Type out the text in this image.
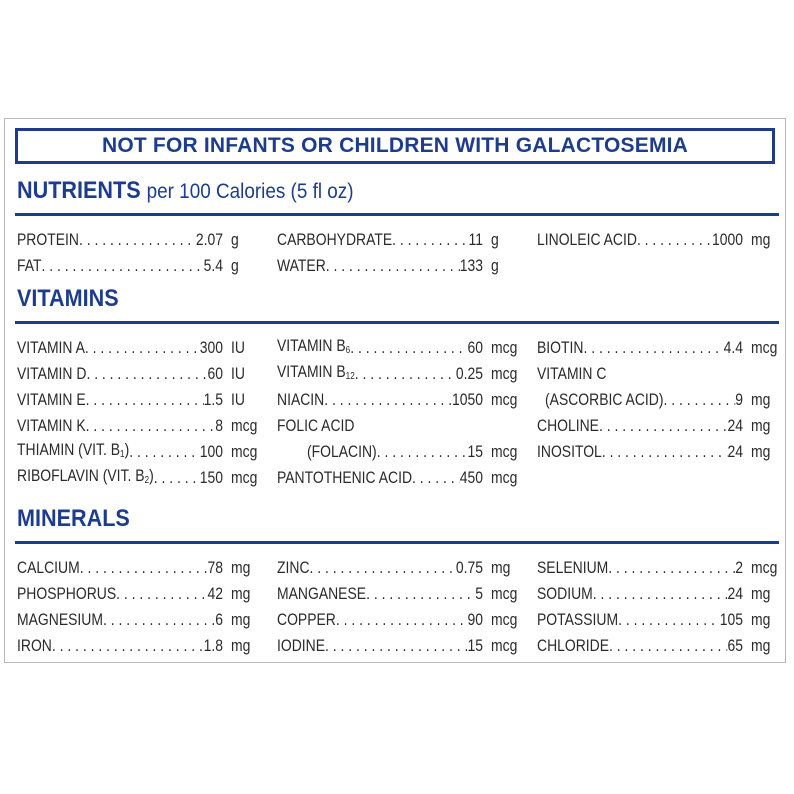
NOT FOR INFANTS OR CHILDREN WITH GALACTOSEMIA
NUTRIENTS per 100 Calories (5 fl oz)
VITAMINS
MINERALS
PROTEIN . . .	2.07 g
FAT . . .	5.4 g
CARBOHYDRATE . . .	11 g
WATER . . .	133 g
LINOLEIC ACID . . .	1000 mg
VITAMIN A . . .	300 IU
VITAMIN D . . .	60 IU
VITAMIN E . . .	1.5 IU
VITAMIN K . . .	8 mcg
THIAMIN (VIT. $B_1$) . . .	100 mcg
RIBOFLAVIN (VIT. $B_2$) . . .	150 mcg
VITAMIN $B_6$ . . .	60 mcg
VITAMIN $B_{12}$ . . .	0.25 mcg
NIACIN . . .	1050 mcg
FOLIC ACID
(FOLACIN) . . .	15 mcg
PANTOTHENIC ACID . . .	450 mcg
BIOTIN . . .	4.4 mcg
VITAMIN C
(ASCORBIC ACID) . . .	9 mg
CHOLINE . . .	24 mg
INOSITOL . . .	24 mg
CALCIUM . . .	78 mg
PHOSPHORUS . . .	42 mg
MAGNESIUM . . .	6 mg
IRON . . .	1.8 mg
ZINC . . .	0.75 mg
MANGANESE . . .	5 mcg
COPPER . . .	90 mcg
IODINE . . .	15 mcg
SELENIUM . . .	2 mcg
SODIUM . . .	24 mg
POTASSIUM . . .	105 mg
CHLORIDE . . .	65 mg
